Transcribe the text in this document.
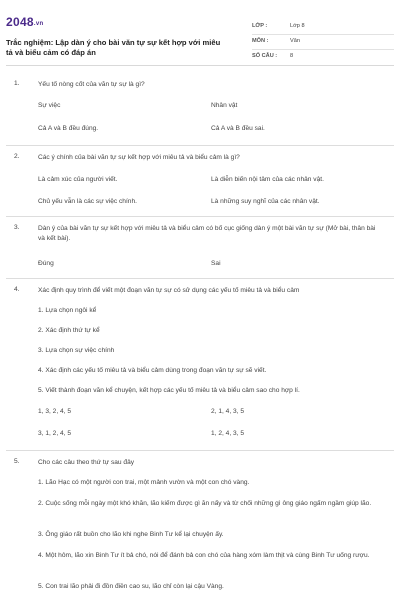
2048.vn
Trắc nghiệm: Lập dàn ý cho bài văn tự sự kết hợp với miêu tả và biểu cảm có đáp án
LỚP :	Lớp 8
MÔN :	Văn
SỐ CÂU : 8
1.	Yếu tố nòng cốt của văn tự sự là gì?
Sự việc	Nhân vật
Cả A và B đều đúng.	Cả A và B đều sai.
2.	Các ý chính của bài văn tự sự kết hợp với miêu tả và biểu cảm là gì?
Là cảm xúc của người viết.	Là diễn biến nội tâm của các nhân vật.
Chủ yếu vẫn là các sự việc chính.	Là những suy nghĩ của các nhân vật.
3.	Dàn ý của bài văn tự sự kết hợp với miêu tả và biểu cảm có bố cục giống dàn ý một bài văn tự sự (Mở bài, thân bài và kết bài).
Đúng	Sai
4.	Xác định quy trình để viết một đoạn văn tự sự có sử dụng các yếu tố miêu tả và biểu cảm
1. Lựa chọn ngôi kể
2. Xác định thứ tự kể
3. Lựa chọn sự việc chính
4. Xác định các yếu tố miêu tả và biểu cảm dùng trong đoạn văn tự sự sẽ viết.
5. Viết thành đoạn văn kể chuyện, kết hợp các yếu tố miêu tả và biểu cảm sao cho hợp lí.
1, 3, 2, 4, 5	2, 1, 4, 3, 5
3, 1, 2, 4, 5	1, 2, 4, 3, 5
5.	Cho các câu theo thứ tự sau đây
1. Lão Hạc có một người con trai, một mảnh vườn và một con chó vàng.
2. Cuộc sống mỗi ngày một khó khăn, lão kiếm được gì ăn nấy và từ chối những gì ông giáo ngấm ngầm giúp lão.
3. Ông giáo rất buồn cho lão khi nghe Binh Tư kể lại chuyện ấy.
4. Một hôm, lão xin Binh Tư ít bả chó, nói để đánh bả con chó của hàng xóm làm thịt và cùng Binh Tư uống rượu.
5. Con trai lão phải đi đồn điền cao su, lão chỉ còn lại cậu Vàng.
